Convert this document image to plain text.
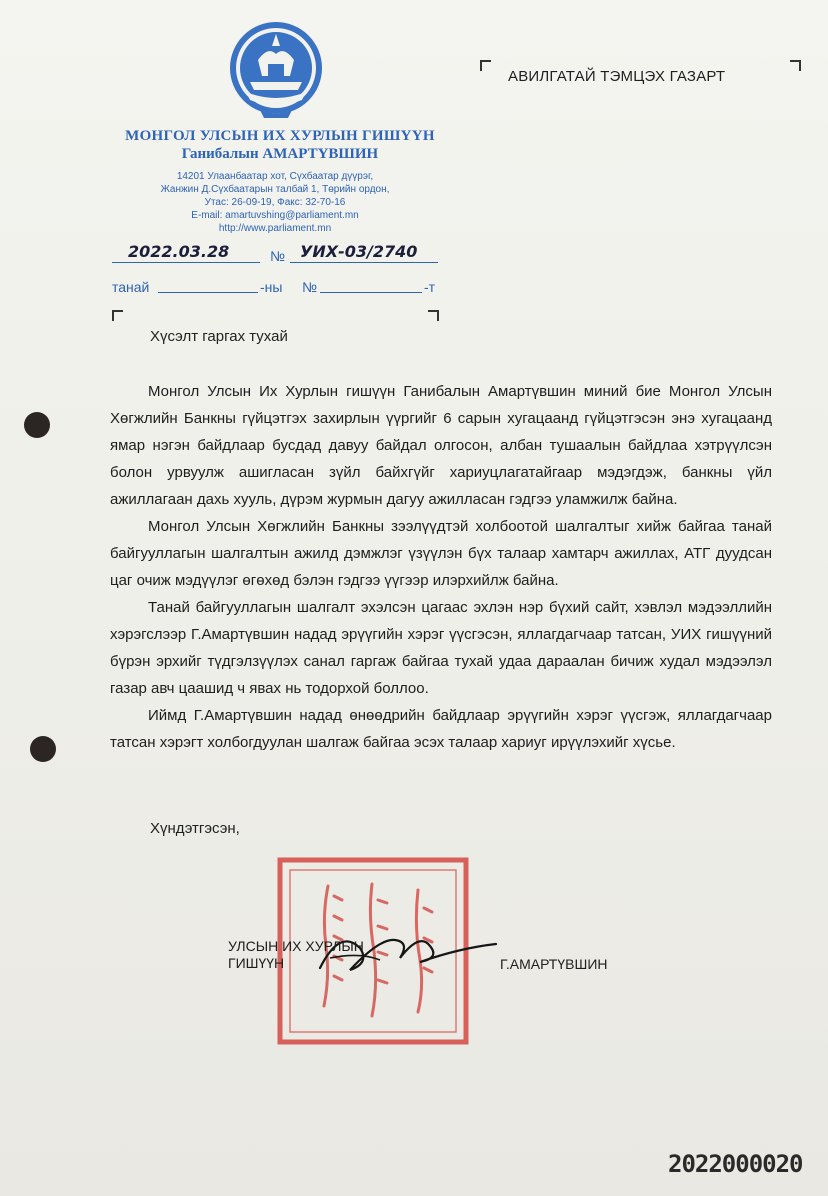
МОНГОЛ УЛСЫН ИХ ХУРЛЫН ГИШҮҮН
Ганибалын АМАРТҮВШИН
14201 Улаанбаатар хот, Сүхбаатар дүүрэг,
Жанжин Д.Сүхбаатарын талбай 1, Төрийн ордон,
Утас: 26-09-19, Факс: 32-70-16
E-mail: amartuvshing@parliament.mn
http://www.parliament.mn
2022.03.28	№ УИХ-03/2740
танай	-ны №	-т
АВИЛГАТАЙ ТЭМЦЭХ ГАЗАРТ
Хүсэлт гаргах тухай

Монгол Улсын Их Хурлын гишүүн Ганибалын Амартүвшин миний бие Монгол Улсын Хөгжлийн Банкны гүйцэтгэх захирлын үүргийг 6 сарын хугацаанд гүйцэтгэсэн энэ хугацаанд ямар нэгэн байдлаар бусдад давуу байдал олгосон, албан тушаалын байдлаа хэтрүүлсэн болон урвуулж ашигласан зүйл байхгүйг хариуцлагатайгаар мэдэгдэж, банкны үйл ажиллагаан дахь хууль, дүрэм журмын дагуу ажилласан гэдгээ уламжилж байна.

Монгол Улсын Хөгжлийн Банкны зээлүүдтэй холбоотой шалгалтыг хийж байгаа танай байгууллагын шалгалтын ажилд дэмжлэг үзүүлэн бүх талаар хамтарч ажиллах, АТГ дуудсан цаг очиж мэдүүлэг өгөхөд бэлэн гэдгээ үүгээр илэрхийлж байна.

Танай байгууллагын шалгалт эхэлсэн цагаас эхлэн нэр бүхий сайт, хэвлэл мэдээллийн хэрэгслээр Г.Амартүвшин надад эрүүгийн хэрэг үүсгэсэн, яллагдагчаар татсан, УИХ гишүүний бүрэн эрхийг түдгэлзүүлэх санал гаргаж байгаа тухай удаа дараалан бичиж худал мэдээлэл газар авч цаашид ч явах нь тодорхой боллоо.

Иймд Г.Амартүвшин надад өнөөдрийн байдлаар эрүүгийн хэрэг үүсгэж, яллагдагчаар татсан хэрэгт холбогдуулан шалгаж байгаа эсэх талаар хариуг ирүүлэхийг хүсье.

Хүндэтгэсэн,
УЛСЫН ИХ ХУРЛЫН
ГИШҮҮН	Г.АМАРТҮВШИН
2022000020
